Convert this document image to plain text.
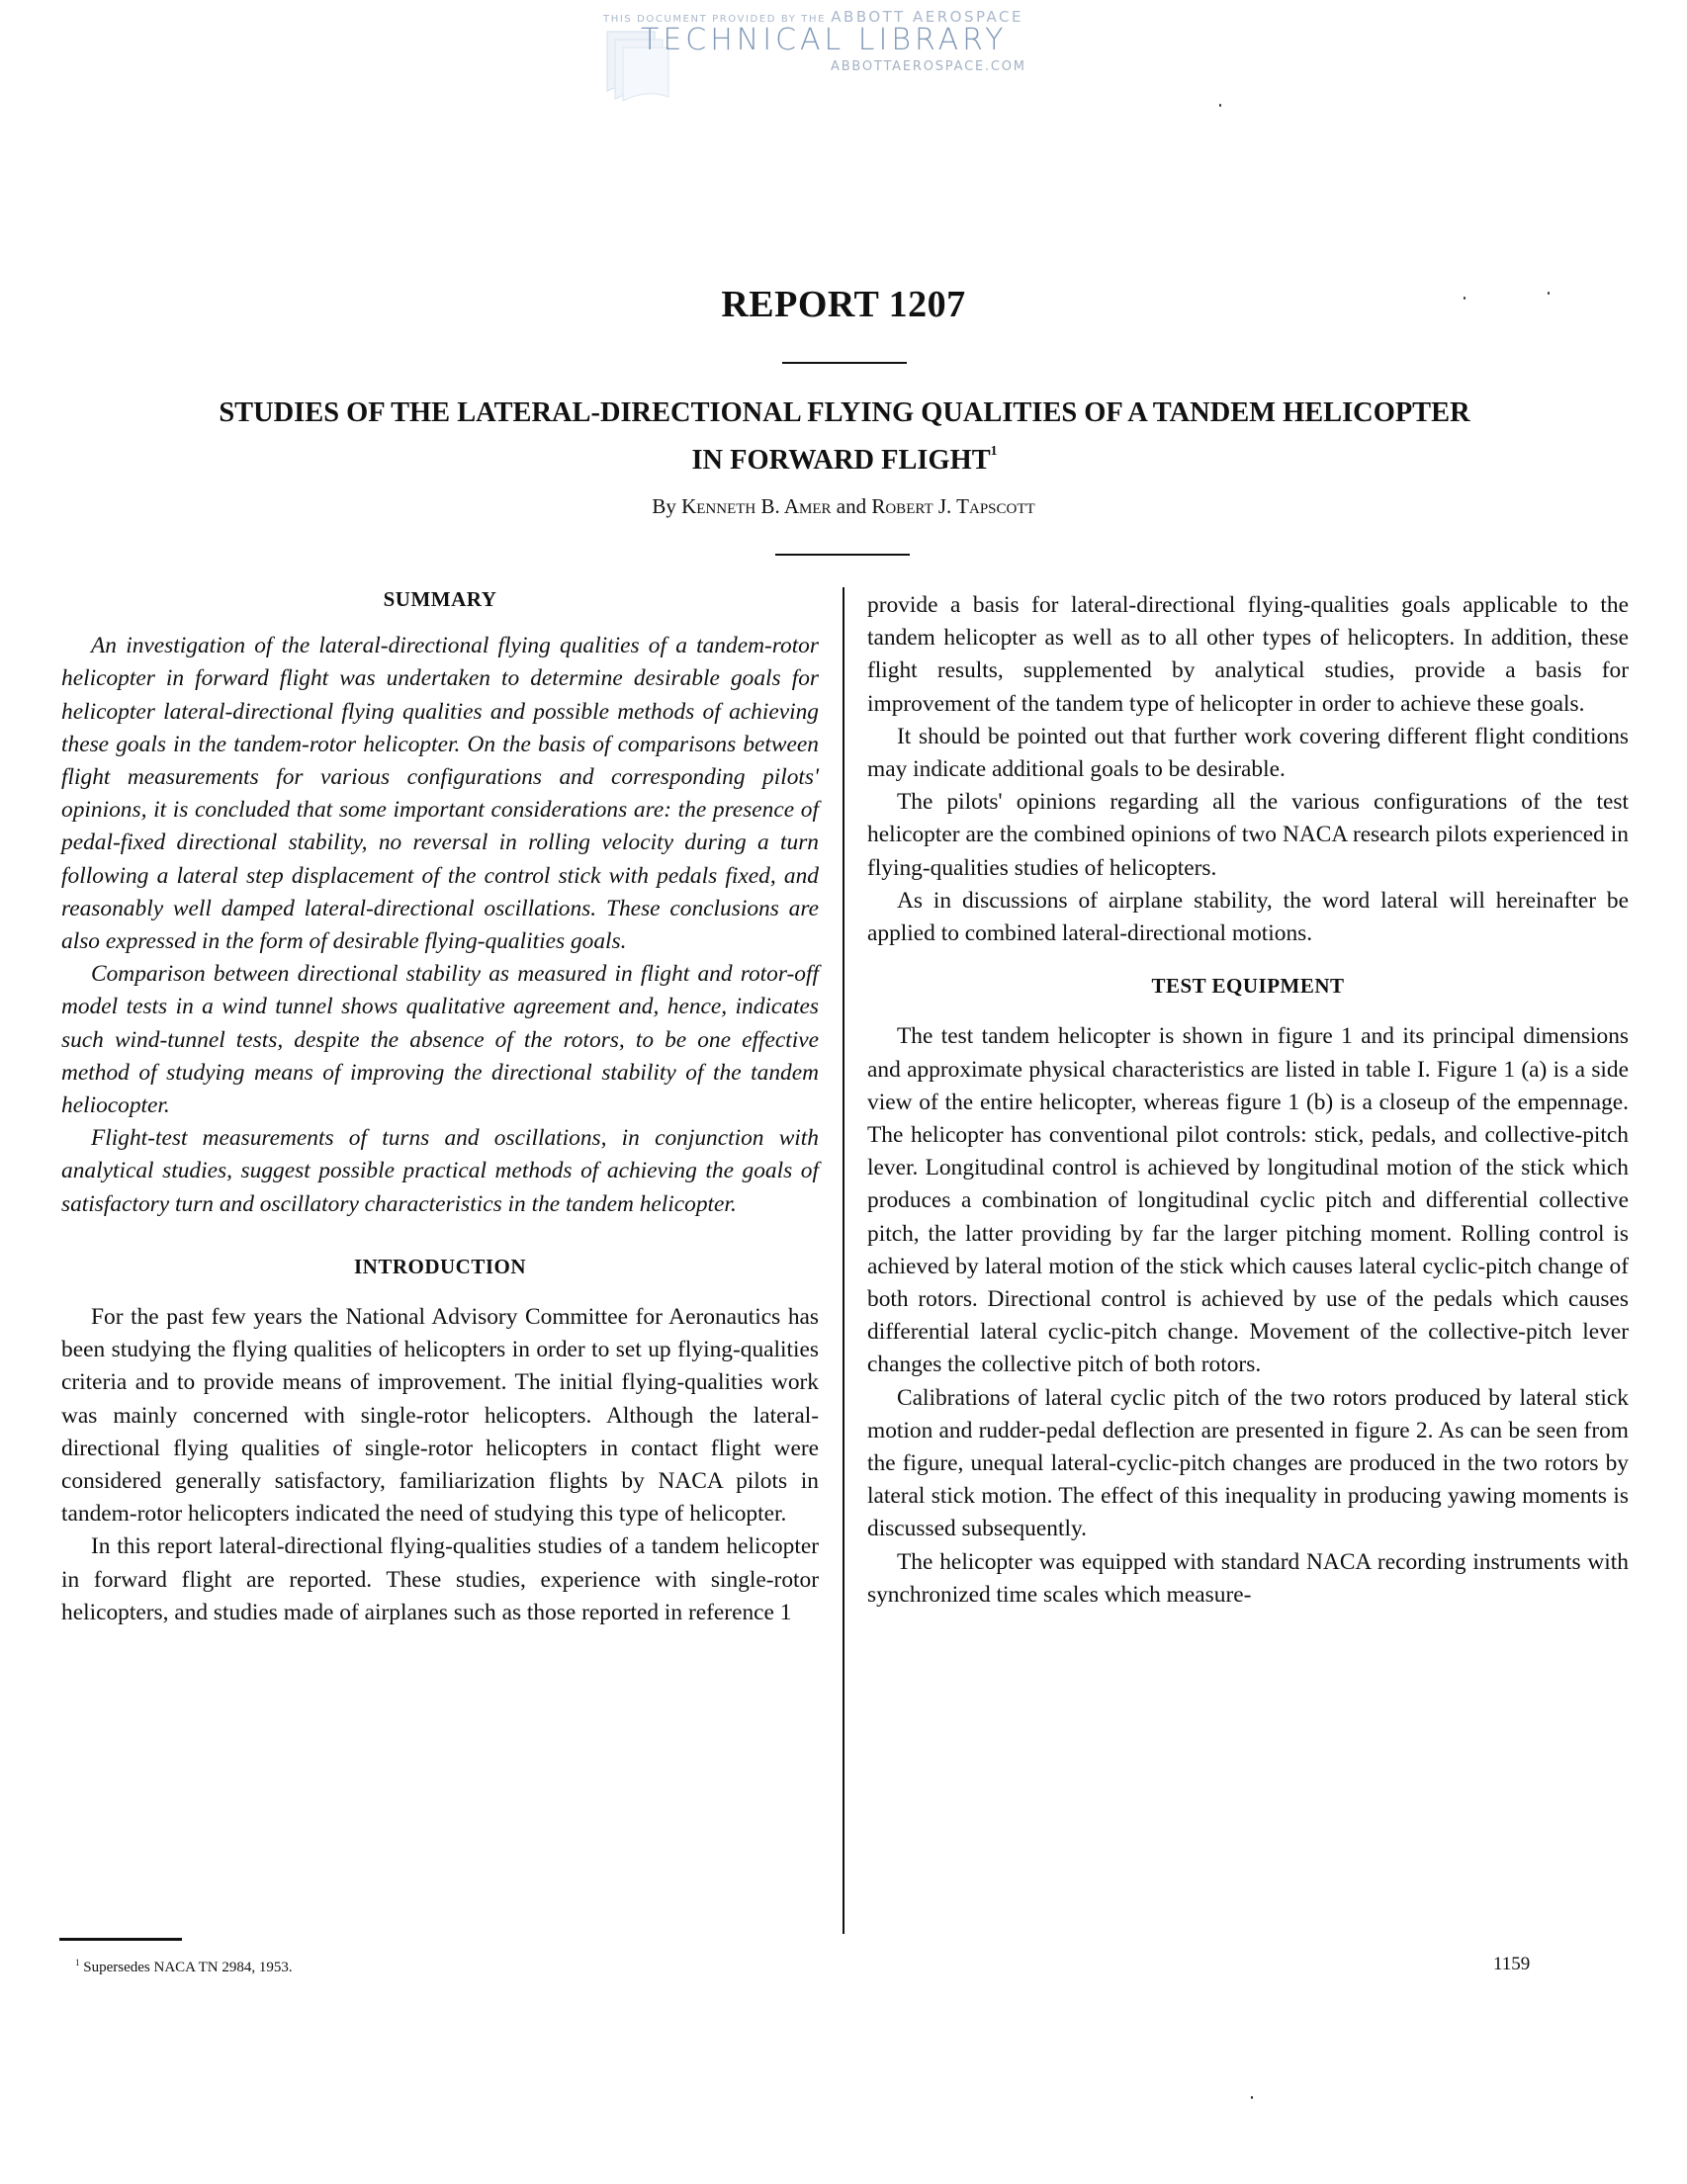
THIS DOCUMENT PROVIDED BY THE ABBOTT AEROSPACE
TECHNICAL LIBRARY
ABBOTTAEROSPACE.COM
REPORT 1207
STUDIES OF THE LATERAL-DIRECTIONAL FLYING QUALITIES OF A TANDEM HELICOPTER
IN FORWARD FLIGHT$^1$
By Kenneth B. Amer and Robert J. Tapscott

SUMMARY

An investigation of the lateral-directional flying qualities of a tandem-rotor helicopter in forward flight was undertaken to determine desirable goals for helicopter lateral-directional flying qualities and possible methods of achieving these goals in the tandem-rotor helicopter. On the basis of comparisons between flight measurements for various configurations and corresponding pilots' opinions, it is concluded that some important considerations are: the presence of pedal-fixed directional stability, no reversal in rolling velocity during a turn following a lateral step displacement of the control stick with pedals fixed, and reasonably well damped lateral-directional oscillations. These conclusions are also expressed in the form of desirable flying-qualities goals.

Comparison between directional stability as measured in flight and rotor-off model tests in a wind tunnel shows qualitative agreement and, hence, indicates such wind-tunnel tests, despite the absence of the rotors, to be one effective method of studying means of improving the directional stability of the tandem heliocopter.

Flight-test measurements of turns and oscillations, in conjunction with analytical studies, suggest possible practical methods of achieving the goals of satisfactory turn and oscillatory characteristics in the tandem helicopter.

INTRODUCTION

For the past few years the National Advisory Committee for Aeronautics has been studying the flying qualities of helicopters in order to set up flying-qualities criteria and to provide means of improvement. The initial flying-qualities work was mainly concerned with single-rotor helicopters. Although the lateral-directional flying qualities of single-rotor helicopters in contact flight were considered generally satisfactory, familiarization flights by NACA pilots in tandem-rotor helicopters indicated the need of studying this type of helicopter.

In this report lateral-directional flying-qualities studies of a tandem helicopter in forward flight are reported. These studies, experience with single-rotor helicopters, and studies made of airplanes such as those reported in reference 1

provide a basis for lateral-directional flying-qualities goals applicable to the tandem helicopter as well as to all other types of helicopters. In addition, these flight results, supplemented by analytical studies, provide a basis for improvement of the tandem type of helicopter in order to achieve these goals.

It should be pointed out that further work covering different flight conditions may indicate additional goals to be desirable.

The pilots' opinions regarding all the various configurations of the test helicopter are the combined opinions of two NACA research pilots experienced in flying-qualities studies of helicopters.

As in discussions of airplane stability, the word lateral will hereinafter be applied to combined lateral-directional motions.

TEST EQUIPMENT

The test tandem helicopter is shown in figure 1 and its principal dimensions and approximate physical characteristics are listed in table I. Figure 1 (a) is a side view of the entire helicopter, whereas figure 1 (b) is a closeup of the empennage. The helicopter has conventional pilot controls: stick, pedals, and collective-pitch lever. Longitudinal control is achieved by longitudinal motion of the stick which produces a combination of longitudinal cyclic pitch and differential collective pitch, the latter providing by far the larger pitching moment. Rolling control is achieved by lateral motion of the stick which causes lateral cyclic-pitch change of both rotors. Directional control is achieved by use of the pedals which causes differential lateral cyclic-pitch change. Movement of the collective-pitch lever changes the collective pitch of both rotors.

Calibrations of lateral cyclic pitch of the two rotors produced by lateral stick motion and rudder-pedal deflection are presented in figure 2. As can be seen from the figure, unequal lateral-cyclic-pitch changes are produced in the two rotors by lateral stick motion. The effect of this inequality in producing yawing moments is discussed subsequently.

The helicopter was equipped with standard NACA recording instruments with synchronized time scales which measure-

$^1$ Supersedes NACA TN 2984, 1953.	1159
